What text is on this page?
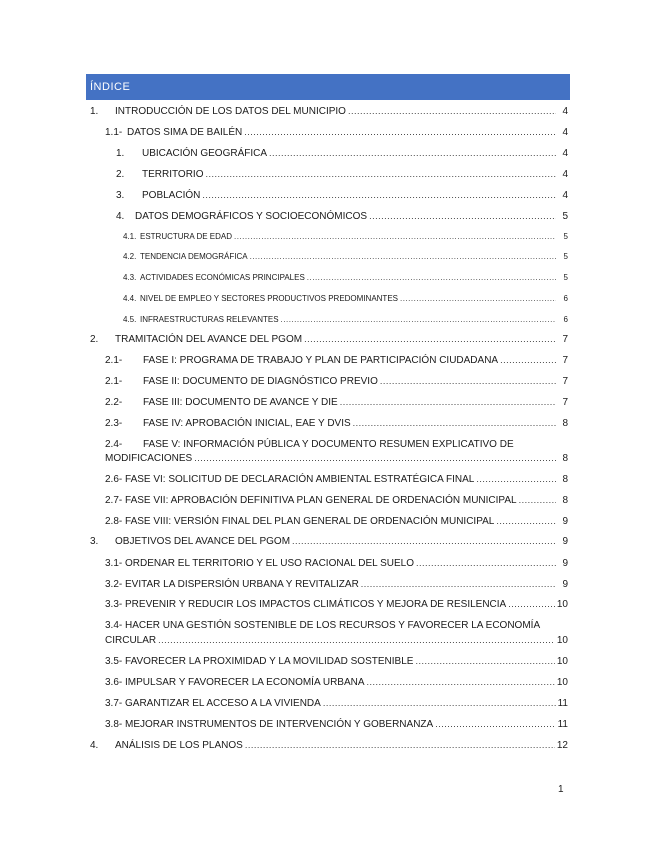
ÍNDICE
1.	INTRODUCCIÓN DE LOS DATOS DEL MUNICIPIO .....	4
1.1- DATOS SIMA DE BAILÉN .....	4
1.	UBICACIÓN GEOGRÁFICA .....	4
2.	TERRITORIO .....	4
3.	POBLACIÓN .....	4
4.	DATOS DEMOGRÁFICOS Y SOCIOECONÓMICOS .....	5
4.1. ESTRUCTURA DE EDAD .....	5
4.2. TENDENCIA DEMOGRÁFICA .....	5
4.3. ACTIVIDADES ECONÓMICAS PRINCIPALES .....	5
4.4. NIVEL DE EMPLEO Y SECTORES PRODUCTIVOS PREDOMINANTES .....	6
4.5. INFRAESTRUCTURAS RELEVANTES .....	6
2.	TRAMITACIÓN DEL AVANCE DEL PGOM .....	7
2.1-	FASE I: PROGRAMA DE TRABAJO Y PLAN DE PARTICIPACIÓN CIUDADANA .....	7
2.1-	FASE II: DOCUMENTO DE DIAGNÓSTICO PREVIO .....	7
2.2-	FASE III: DOCUMENTO DE AVANCE Y DIE .....	7
2.3-	FASE IV: APROBACIÓN INICIAL, EAE Y DVIS .....	8
2.4- FASE V: INFORMACIÓN PÚBLICA Y DOCUMENTO RESUMEN EXPLICATIVO DE
MODIFICACIONES .....	8
2.6- FASE VI: SOLICITUD DE DECLARACIÓN AMBIENTAL ESTRATÉGICA FINAL .....	8
2.7- FASE VII: APROBACIÓN DEFINITIVA PLAN GENERAL DE ORDENACIÓN MUNICIPAL .....	8
2.8- FASE VIII: VERSIÓN FINAL DEL PLAN GENERAL DE ORDENACIÓN MUNICIPAL .....	9
3.	OBJETIVOS DEL AVANCE DEL PGOM .....	9
3.1- ORDENAR EL TERRITORIO Y EL USO RACIONAL DEL SUELO .....	9
3.2- EVITAR LA DISPERSIÓN URBANA Y REVITALIZAR .....	9
3.3- PREVENIR Y REDUCIR LOS IMPACTOS CLIMÁTICOS Y MEJORA DE RESILENCIA .....	10
3.4- HACER UNA GESTIÓN SOSTENIBLE DE LOS RECURSOS Y FAVORECER LA ECONOMÍA
CIRCULAR .....	10
3.5- FAVORECER LA PROXIMIDAD Y LA MOVILIDAD SOSTENIBLE .....	10
3.6- IMPULSAR Y FAVORECER LA ECONOMÍA URBANA .....	10
3.7- GARANTIZAR EL ACCESO A LA VIVIENDA .....	11
3.8- MEJORAR INSTRUMENTOS DE INTERVENCIÓN Y GOBERNANZA .....	11
4.	ANÁLISIS DE LOS PLANOS .....	12
1
